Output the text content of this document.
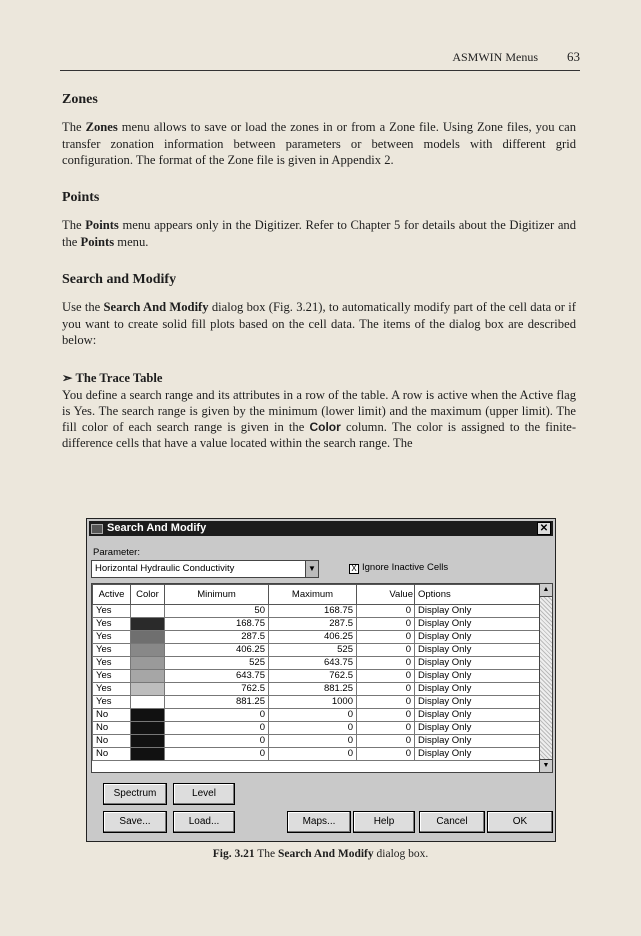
ASMWIN Menus 63
Zones

The Zones menu allows to save or load the zones in or from a Zone file. Using Zone files, you can transfer zonation information between parameters or between models with different grid configuration. The format of the Zone file is given in Appendix 2.

Points

The Points menu appears only in the Digitizer. Refer to Chapter 5 for details about the Digitizer and the Points menu.

Search and Modify

Use the Search And Modify dialog box (Fig. 3.21), to automatically modify part of the cell data or if you want to create solid fill plots based on the cell data. The items of the dialog box are described below:

➣ The Trace Table

You define a search range and its attributes in a row of the table. A row is active when the Active flag is Yes. The search range is given by the minimum (lower limit) and the maximum (upper limit). The fill color of each search range is given in the Color column. The color is assigned to the finite-difference cells that have a value located within the search range. The

Search And Modify	✕
Parameter:
Horizontal Hydraulic Conductivity	▼	X Ignore Inactive Cells
Active	Color	Minimum	Maximum	Value	Options
Yes		50	168.75	0	Display Only
Yes		168.75	287.5	0	Display Only
Yes		287.5	406.25	0	Display Only
Yes		406.25	525	0	Display Only
Yes		525	643.75	0	Display Only
Yes		643.75	762.5	0	Display Only
Yes		762.5	881.25	0	Display Only
Yes		881.25	1000	0	Display Only
No		0	0	0	Display Only
No		0	0	0	Display Only
No		0	0	0	Display Only
No		0	0	0	Display Only
▲
▼
Spectrum	Level
Save...	Load...	Maps...	Help	Cancel	OK
Fig. 3.21 The Search And Modify dialog box.
